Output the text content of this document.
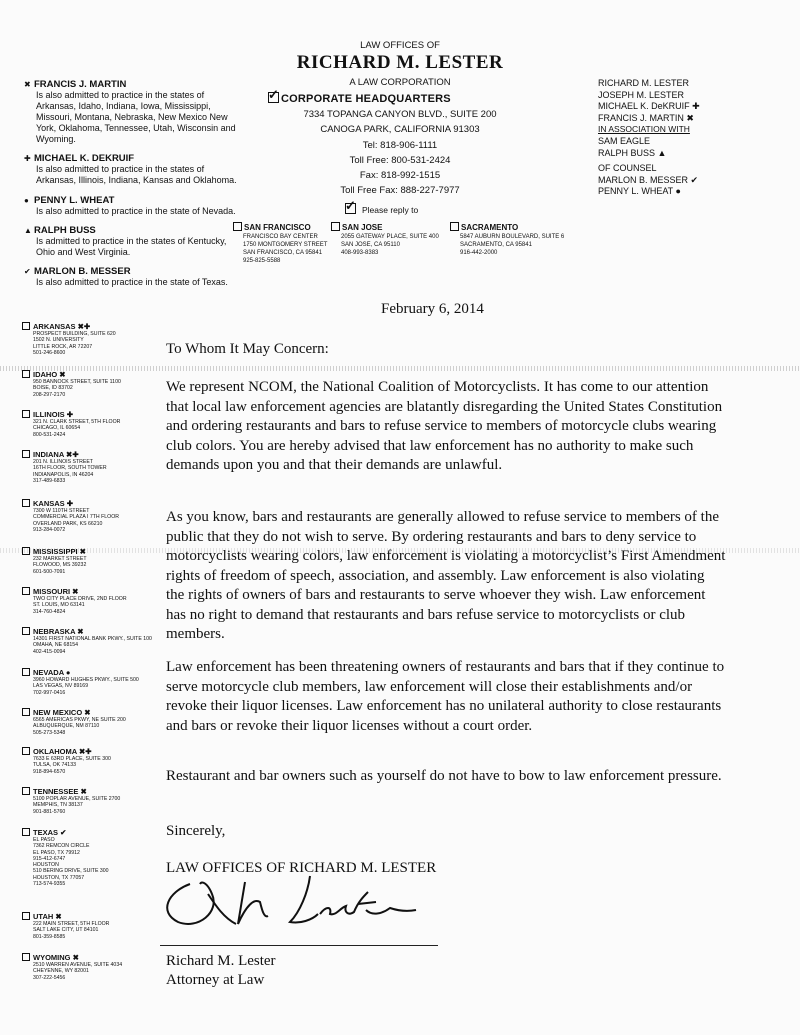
LAW OFFICES OF
RICHARD M. LESTER
A LAW CORPORATION
✓CORPORATE HEADQUARTERS
7334 TOPANGA CANYON BLVD., SUITE 200
CANOGA PARK, CALIFORNIA 91303
Tel: 818-906-1111
Toll Free: 800-531-2424
Fax: 818-992-1515
Toll Free Fax: 888-227-7977
✓Please reply to
SAN FRANCISCO
FRANCISCO BAY CENTER
1750 MONTGOMERY STREET
SAN FRANCISCO, CA 95841
925-825-5588
SAN JOSE
2055 GATEWAY PLACE, SUITE 400
SAN JOSE, CA 95110
408-993-8383
SACRAMENTO
5847 AUBURN BOULEVARD, SUITE 6
SACRAMENTO, CA 95841
916-442-2000
✖ FRANCIS J. MARTIN
Is also admitted to practice in the states of Arkansas, Idaho, Indiana, Iowa, Mississippi, Missouri, Montana, Nebraska, New Mexico New York, Oklahoma, Tennessee, Utah, Wisconsin and Wyoming.
✚ MICHAEL K. DEKRUIF
Is also admitted to practice in the states of Arkansas, Illinois, Indiana, Kansas and Oklahoma.
● PENNY L. WHEAT
Is also admitted to practice in the state of Nevada.
▲ RALPH BUSS
Is admitted to practice in the states of Kentucky, Ohio and West Virginia.
✔ MARLON B. MESSER
Is also admitted to practice in the state of Texas.
RICHARD M. LESTER
JOSEPH M. LESTER
MICHAEL K. DeKRUIF ✚
FRANCIS J. MARTIN ✖
IN ASSOCIATION WITH
SAM EAGLE
RALPH BUSS ▲
OF COUNSEL
MARLON B. MESSER ✔
PENNY L. WHEAT ●
ARKANSAS ✖✚
PROSPECT BUILDING, SUITE 620
1502 N. UNIVERSITY
LITTLE ROCK, AR 72207
501-246-8600
IDAHO ✖
950 BANNOCK STREET, SUITE 1100
BOISE, ID 83702
208-297-2170
ILLINOIS ✚
321 N. CLARK STREET, 5TH FLOOR
CHICAGO, IL 60654
800-531-2424
INDIANA ✖✚
201 N. ILLINOIS STREET
16TH FLOOR, SOUTH TOWER
INDIANAPOLIS, IN 46204
317-489-6833
KANSAS ✚
7300 W 110TH STREET
COMMERCIAL PLAZA I 7TH FLOOR
OVERLAND PARK, KS 66210
913-284-0072
MISSISSIPPI ✖
232 MARKET STREET
FLOWOOD, MS 39232
601-500-7091
MISSOURI ✖
TWO CITY PLACE DRIVE, 2ND FLOOR
ST. LOUIS, MO 63141
314-760-4824
NEBRASKA ✖
14301 FIRST NATIONAL BANK PKWY., SUITE 100
OMAHA, NE 68154
402-415-0094
NEVADA ●
3960 HOWARD HUGHES PKWY., SUITE 500
LAS VEGAS, NV 89169
702-997-0416
NEW MEXICO ✖
6565 AMERICAS PKWY, NE SUITE 200
ALBUQUERQUE, NM 87110
505-273-5348
OKLAHOMA ✖✚
7633 E 63RD PLACE, SUITE 300
TULSA, OK 74133
918-894-6570
TENNESSEE ✖
5100 POPLAR AVENUE, SUITE 2700
MEMPHIS, TN 38137
901-881-5760
TEXAS ✔
EL PASO
7362 REMCON CIRCLE
EL PASO, TX 79912
915-412-6747
HOUSTON
510 BERING DRIVE, SUITE 300
HOUSTON, TX 77057
713-574-9355
UTAH ✖
222 MAIN STREET, 5TH FLOOR
SALT LAKE CITY, UT 84101
801-359-8585
WYOMING ✖
2510 WARREN AVENUE, SUITE 4034
CHEYENNE, WY 82001
307-222-5456
February 6, 2014
To Whom It May Concern:
We represent NCOM, the National Coalition of Motorcyclists. It has come to our attention that local law enforcement agencies are blatantly disregarding the United States Constitution and ordering restaurants and bars to refuse service to members of motorcycle clubs wearing club colors. You are hereby advised that law enforcement has no authority to make such demands upon you and that their demands are unlawful.
As you know, bars and restaurants are generally allowed to refuse service to members of the public that they do not wish to serve. By ordering restaurants and bars to deny service to motorcyclists wearing colors, law enforcement is violating a motorcyclist’s First Amendment rights of freedom of speech, association, and assembly. Law enforcement is also violating the rights of owners of bars and restaurants to serve whoever they wish. Law enforcement has no right to demand that restaurants and bars refuse service to motorcyclists or club members.
Law enforcement has been threatening owners of restaurants and bars that if they continue to serve motorcycle club members, law enforcement will close their establishments and/or revoke their liquor licenses. Law enforcement has no unilateral authority to close restaurants and bars or revoke their liquor licenses without a court order.
Restaurant and bar owners such as yourself do not have to bow to law enforcement pressure.
Sincerely,
LAW OFFICES OF RICHARD M. LESTER
Richard M. Lester
Attorney at Law
